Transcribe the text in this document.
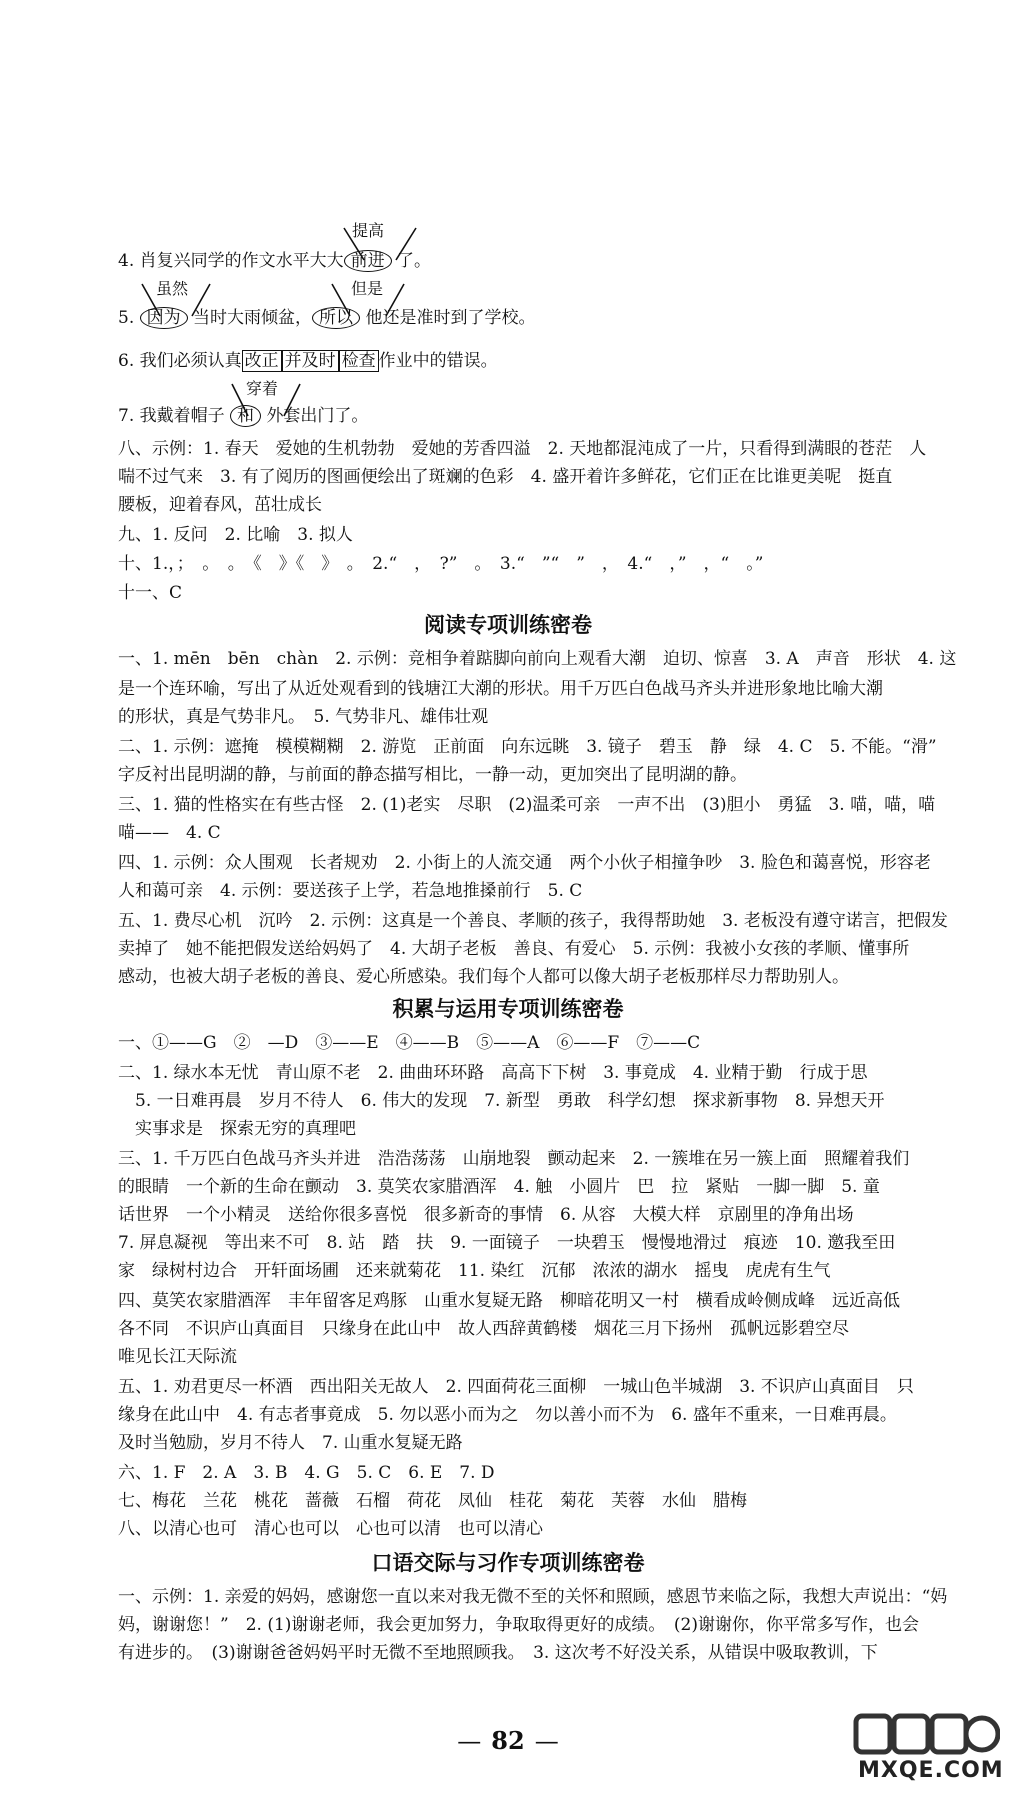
提高
4. 肖复兴同学的作文水平大大 前进 了。
虽然	但是
5. 因为 当时大雨倾盆， 所以 他还是准时到了学校。
6. 我们必须认真 改正 并及时 检查 作业中的错误。
穿着
7. 我戴着帽子 和 外套出门了。
八、示例：1. 春天　爱她的生机勃勃　爱她的芳香四溢　2. 天地都混沌成了一片，只看得到满眼的苍茫　人
喘不过气来　3. 有了阅历的图画便绘出了斑斓的色彩　4. 盛开着许多鲜花，它们正在比谁更美呢　挺直
腰板，迎着春风，茁壮成长
九、1. 反问　2. 比喻　3. 拟人
十、1.，；　。　。　《　》《　》　。　2.“　，　?”　。　3.“　”“　”　，　4.“　，”　，“　。”
十一、C
阅读专项训练密卷
一、1. mēn　bēn　chàn　2. 示例：竞相争着踮脚向前向上观看大潮　迫切、惊喜　3. A　声音　形状　4. 这
是一个连环喻，写出了从近处观看到的钱塘江大潮的形状。用千万匹白色战马齐头并进形象地比喻大潮
的形状，真是气势非凡。　5. 气势非凡、雄伟壮观
二、1. 示例：遮掩　模模糊糊　2. 游览　正前面　向东远眺　3. 镜子　碧玉　静　绿　4. C　5. 不能。“滑”
字反衬出昆明湖的静，与前面的静态描写相比，一静一动，更加突出了昆明湖的静。
三、1. 猫的性格实在有些古怪　2. (1)老实　尽职　(2)温柔可亲　一声不出　(3)胆小　勇猛　3. 喵，喵，喵
喵——　4. C
四、1. 示例：众人围观　长者规劝　2. 小街上的人流交通　两个小伙子相撞争吵　3. 脸色和蔼喜悦，形容老
人和蔼可亲　4. 示例：要送孩子上学，若急地推搡前行　5. C
五、1. 费尽心机　沉吟　2. 示例：这真是一个善良、孝顺的孩子，我得帮助她　3. 老板没有遵守诺言，把假发
卖掉了　她不能把假发送给妈妈了　4. 大胡子老板　善良、有爱心　5. 示例：我被小女孩的孝顺、懂事所
感动，也被大胡子老板的善良、爱心所感染。我们每个人都可以像大胡子老板那样尽力帮助别人。
积累与运用专项训练密卷
一、①——G　②　—D　③——E　④——B　⑤——A　⑥——F　⑦——C
二、1. 绿水本无忧　青山原不老　2. 曲曲环环路　高高下下树　3. 事竟成　4. 业精于勤　行成于思
　5. 一日难再晨　岁月不待人　6. 伟大的发现　7. 新型　勇敢　科学幻想　探求新事物　8. 异想天开
　实事求是　探索无穷的真理吧
三、1. 千万匹白色战马齐头并进　浩浩荡荡　山崩地裂　颤动起来　2. 一簇堆在另一簇上面　照耀着我们
的眼睛　一个新的生命在颤动　3. 莫笑农家腊酒浑　4. 触　小圆片　巴　拉　紧贴　一脚一脚　5. 童
话世界　一个小精灵　送给你很多喜悦　很多新奇的事情　6. 从容　大模大样　京剧里的净角出场
7. 屏息凝视　等出来不可　8. 站　踏　扶　9. 一面镜子　一块碧玉　慢慢地滑过　痕迹　10. 邀我至田
家　绿树村边合　开轩面场圃　还来就菊花　11. 染红　沉郁　浓浓的湖水　摇曳　虎虎有生气
四、莫笑农家腊酒浑　丰年留客足鸡豚　山重水复疑无路　柳暗花明又一村　横看成岭侧成峰　远近高低
各不同　不识庐山真面目　只缘身在此山中　故人西辞黄鹤楼　烟花三月下扬州　孤帆远影碧空尽
唯见长江天际流
五、1. 劝君更尽一杯酒　西出阳关无故人　2. 四面荷花三面柳　一城山色半城湖　3. 不识庐山真面目　只
缘身在此山中　4. 有志者事竟成　5. 勿以恶小而为之　勿以善小而不为　6. 盛年不重来，一日难再晨。
及时当勉励，岁月不待人　7. 山重水复疑无路
六、1. F　2. A　3. B　4. G　5. C　6. E　7. D
七、梅花　兰花　桃花　蔷薇　石榴　荷花　凤仙　桂花　菊花　芙蓉　水仙　腊梅
八、以清心也可　清心也可以　心也可以清　也可以清心
口语交际与习作专项训练密卷
一、示例：1. 亲爱的妈妈，感谢您一直以来对我无微不至的关怀和照顾，感恩节来临之际，我想大声说出：“妈
妈，谢谢您！”　2. (1)谢谢老师，我会更加努力，争取取得更好的成绩。　(2)谢谢你，你平常多写作，也会
有进步的。　(3)谢谢爸爸妈妈平时无微不至地照顾我。　3. 这次考不好没关系，从错误中吸取教训，下
— 82 —
MXQE.COM
